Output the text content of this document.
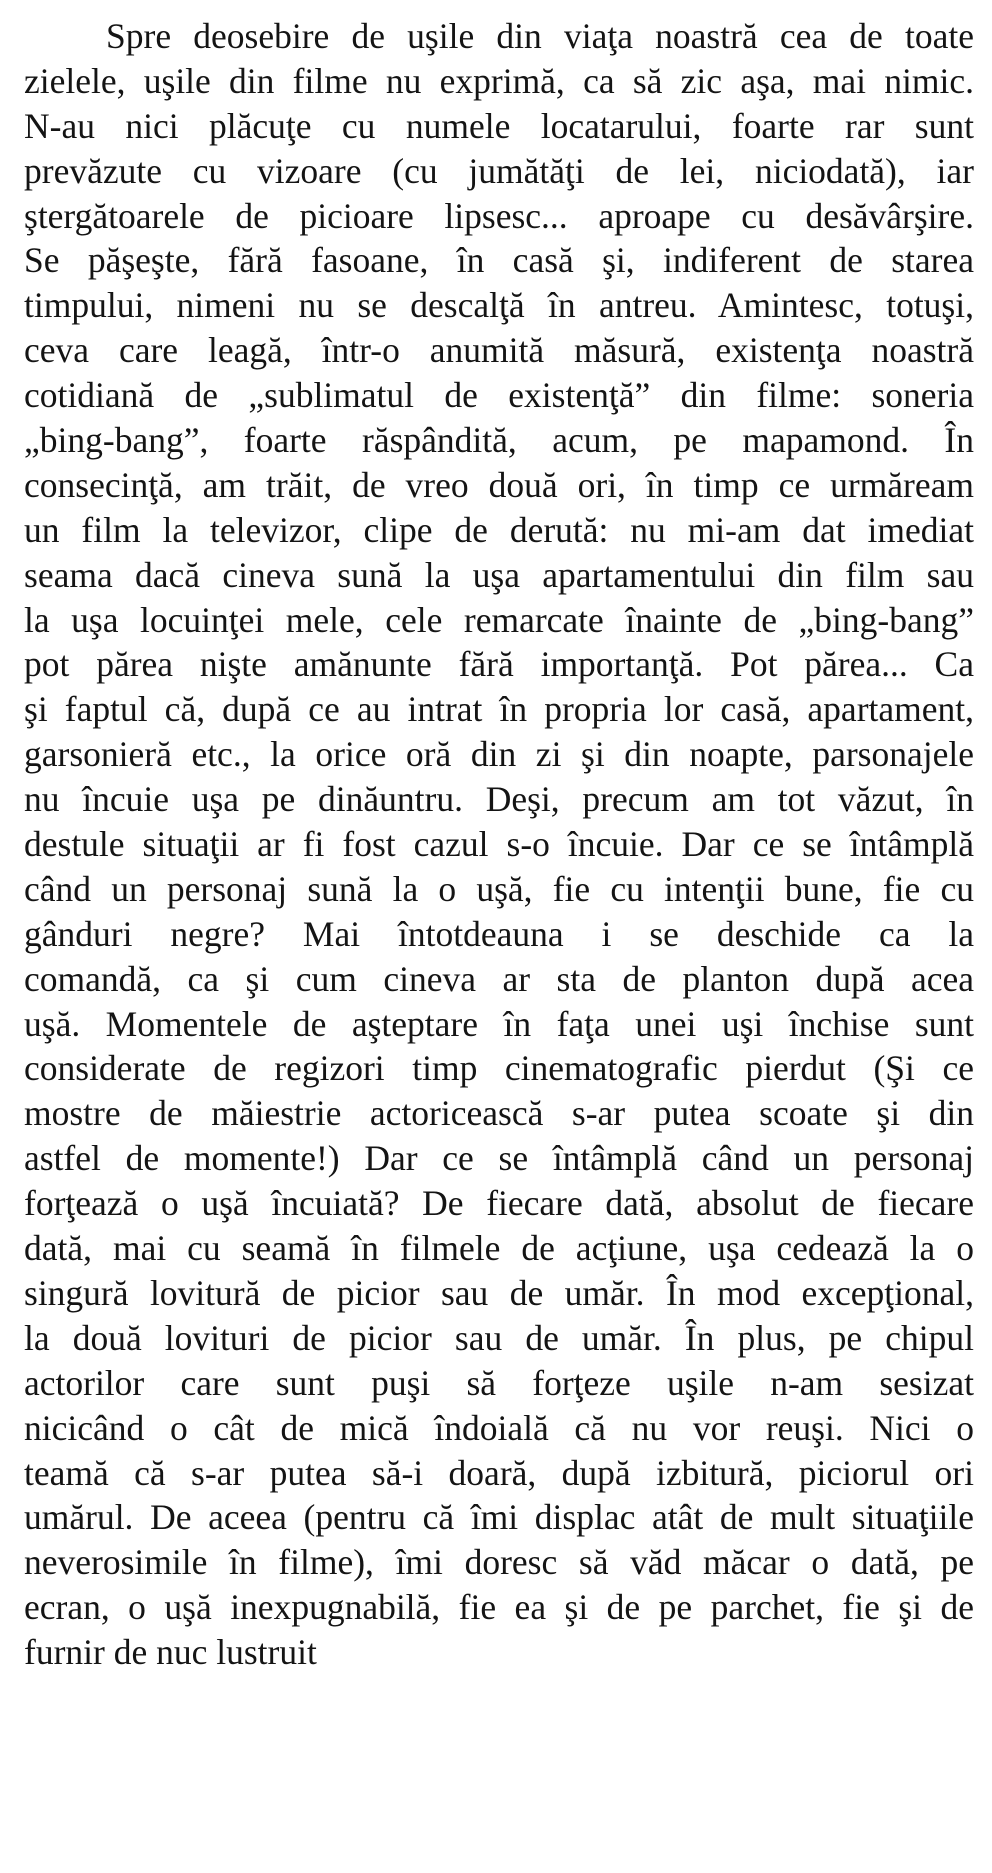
Spre deosebire de uşile din viaţa noastră cea de toate
zielele, uşile din filme nu exprimă, ca să zic aşa, mai nimic.
N-au nici plăcuţe cu numele locatarului, foarte rar sunt
prevăzute cu vizoare (cu jumătăţi de lei, niciodată), iar
ştergătoarele de picioare lipsesc... aproape cu desăvârşire.
Se păşeşte, fără fasoane, în casă şi, indiferent de starea
timpului, nimeni nu se descalţă în antreu. Amintesc, totuşi,
ceva care leagă, într-o anumită măsură, existenţa noastră
cotidiană de „sublimatul de existenţă” din filme: soneria
„bing-bang”, foarte răspândită, acum, pe mapamond. În
consecinţă, am trăit, de vreo două ori, în timp ce urmăream
un film la televizor, clipe de derută: nu mi-am dat imediat
seama dacă cineva sună la uşa apartamentului din film sau
la uşa locuinţei mele, cele remarcate înainte de „bing-bang”
pot părea nişte amănunte fără importanţă. Pot părea... Ca
şi faptul că, după ce au intrat în propria lor casă, apartament,
garsonieră etc., la orice oră din zi şi din noapte, parsonajele
nu încuie uşa pe dinăuntru. Deşi, precum am tot văzut, în
destule situaţii ar fi fost cazul s-o încuie. Dar ce se întâmplă
când un personaj sună la o uşă, fie cu intenţii bune, fie cu
gânduri negre? Mai întotdeauna i se deschide ca la
comandă, ca şi cum cineva ar sta de planton după acea
uşă. Momentele de aşteptare în faţa unei uşi închise sunt
considerate de regizori timp cinematografic pierdut (Şi ce
mostre de măiestrie actoricească s-ar putea scoate şi din
astfel de momente!) Dar ce se întâmplă când un personaj
forţează o uşă încuiată? De fiecare dată, absolut de fiecare
dată, mai cu seamă în filmele de acţiune, uşa cedează la o
singură lovitură de picior sau de umăr. În mod excepţional,
la două lovituri de picior sau de umăr. În plus, pe chipul
actorilor care sunt puşi să forţeze uşile n-am sesizat
nicicând o cât de mică îndoială că nu vor reuşi. Nici o
teamă că s-ar putea să-i doară, după izbitură, piciorul ori
umărul. De aceea (pentru că îmi displac atât de mult situaţiile
neverosimile în filme), îmi doresc să văd măcar o dată, pe
ecran, o uşă inexpugnabilă, fie ea şi de pe parchet, fie şi de
furnir de nuc lustruit
